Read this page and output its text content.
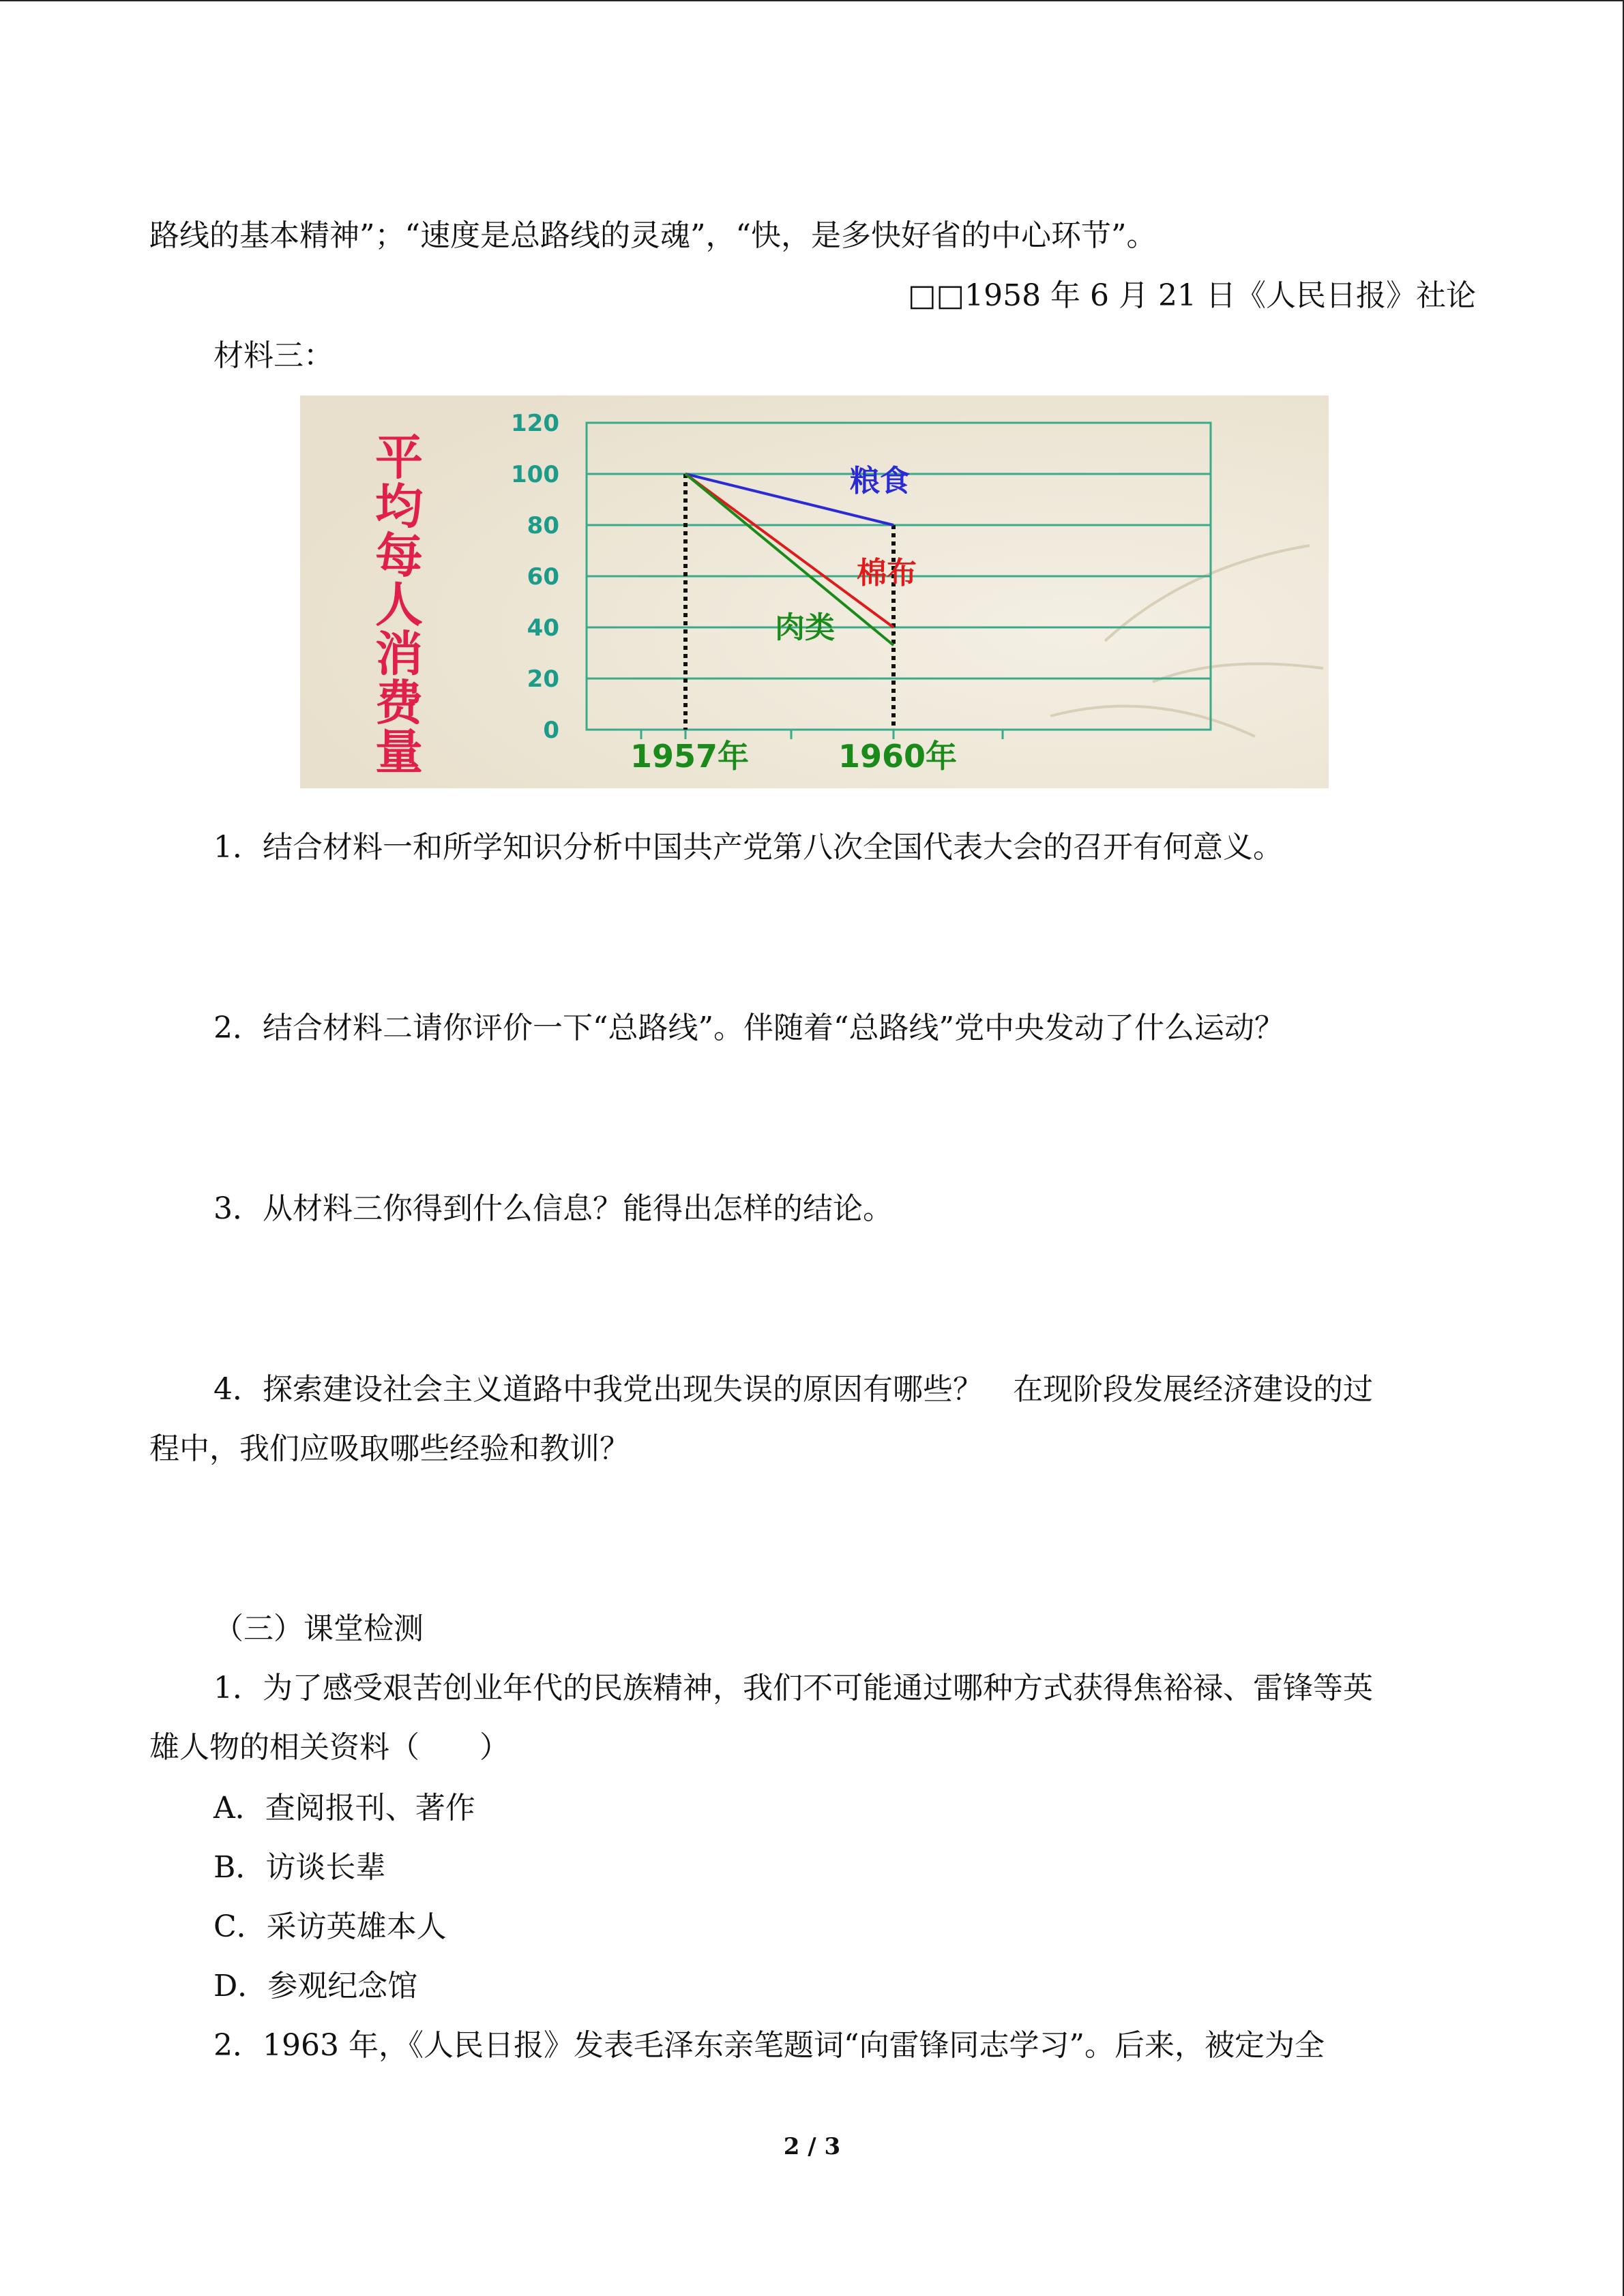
路线的基本精神”；“速度是总路线的灵魂”，“快，是多快好省的中心环节”。
□□1958 年 6 月 21 日《人民日报》社论
材料三：
平
均
每
人
消
费
量
粮食
棉布
肉类
0
20
40
60
80
100
120
1957年	1960年
1．结合材料一和所学知识分析中国共产党第八次全国代表大会的召开有何意义。
2．结合材料二请你评价一下“总路线”。伴随着“总路线”党中央发动了什么运动？
3．从材料三你得到什么信息？能得出怎样的结论。
4．探索建设社会主义道路中我党出现失误的原因有哪些？　在现阶段发展经济建设的过
程中，我们应吸取哪些经验和教训？
（三）课堂检测
1．为了感受艰苦创业年代的民族精神，我们不可能通过哪种方式获得焦裕禄、雷锋等英
雄人物的相关资料（　　）
A．查阅报刊、著作
B．访谈长辈
C．采访英雄本人
D．参观纪念馆
2．1963 年，《人民日报》发表毛泽东亲笔题词“向雷锋同志学习”。后来，被定为全
2 / 3
